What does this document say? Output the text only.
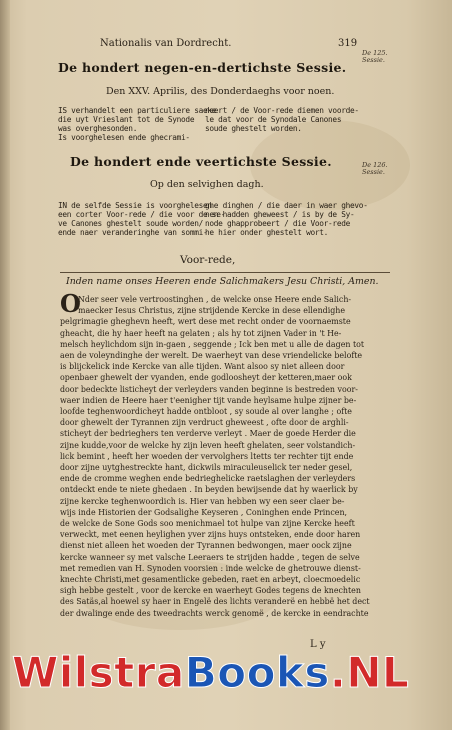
Nationalis van Dordrecht.	319
De 125. Sessie.
De 126. Sessie.
De hondert negen-en-dertichste Sessie.
Den XXV. Aprilis, des Donderdaeghs voor noen.
IS verhandelt een particuliere saeke
die uyt Vrieslant tot de Synode
was overghesonden.
Is voorghelesen ende ghecrami-
neert / de Voor-rede diemen voorde-
le dat voor de Synodale Canones
soude ghestelt worden.
De hondert ende veertichste Sessie.
Op den selvighen dagh.
IN de selfde Sessie is voorghelesen
een corter Voor-rede / die voor de se-
ve Canones ghestelt soude worden/
ende naer veranderinghe van sommi-
ghe dinghen / die daer in waer ghevo-
nen hadden gheweest / is by de Sy-
node ghapprobeert / die Voor-rede
he hier onder ghestelt wort.
Voor-rede,
Inden name onses Heeren ende Salichmakers Jesu Christi, Amen.
O
Nder seer vele vertroostinghen , de welcke onse Heere ende Salich-
maecker Iesus Christus, zijne strijdende Kercke in dese ellendighe
pelgrimagie gheghevn heeft, wert dese met recht onder de voornaemste
gheacht, die hy haer heeft na gelaten ; als hy tot zijnen Vader in 't He-
melsch heylichdom sijn in-gaen , seggende ; Ick ben met u alle de dagen tot
aen de voleyndinghe der werelt. De waerheyt van dese vriendelicke belofte
is blijckelick inde Kercke van alle tijden. Want alsoo sy niet alleen door
openbaer ghewelt der vyanden, ende godloosheyt der ketteren,maer ook
door bedeckte listicheyt der verleyders vanden beginne is bestreden voor-
waer indien de Heere haer t'eenigher tijt vande heylsame hulpe zijner be-
loofde teghenwoordicheyt hadde ontbloot , sy soude al over langhe ; ofte
door ghewelt der Tyrannen zijn verdruct gheweest , ofte door de arghli-
sticheyt der bedrieghers ten verderve verleyt . Maer de goede Herder die
zijne kudde,voor de welcke hy zijn leven heeft ghelaten, seer volstandich-
lick bemint , heeft her woeden der vervolghers ltetts ter rechter tijt ende
door zijne uytghestreckte hant, dickwils miraculeuselick ter neder gesel,
ende de cromme weghen ende bedrieghelicke raetslaghen der verleyders
ontdeckt ende te niete ghedaen . In beyden bewijsende dat hy waerlick by
zijne kercke teghenwoordich is. Hier van hebben wy een seer claer be-
wijs inde Historien der Godsalighe Keyseren , Coninghen ende Princen,
de welcke de Sone Gods soo menichmael tot hulpe van zijne Kercke heeft
verweckt, met eenen heylighen yver zijns huys ontsteken, ende door haren
dienst niet alleen het woeden der Tyrannen bedwongen, maer oock zijne
kercke wanneer sy met valsche Leeraers te strijden hadde , tegen de selve
met remedien van H. Synoden voorsien : inde welcke de ghetrouwe dienst-
knechte Christi,met gesamentlicke gebeden, raet en arbeyt, cloecmoedelic
sigh hebbe gestelt , voor de kercke en waerheyt Godes tegens de knechten
des Satäs,al hoewel sy haer in Engelë des lichts veranderë en hebbë het dect
der dwalinge ende des tweedrachts werck genomë , de kercke in eendrachte
L y
WilstraBooks.NL
